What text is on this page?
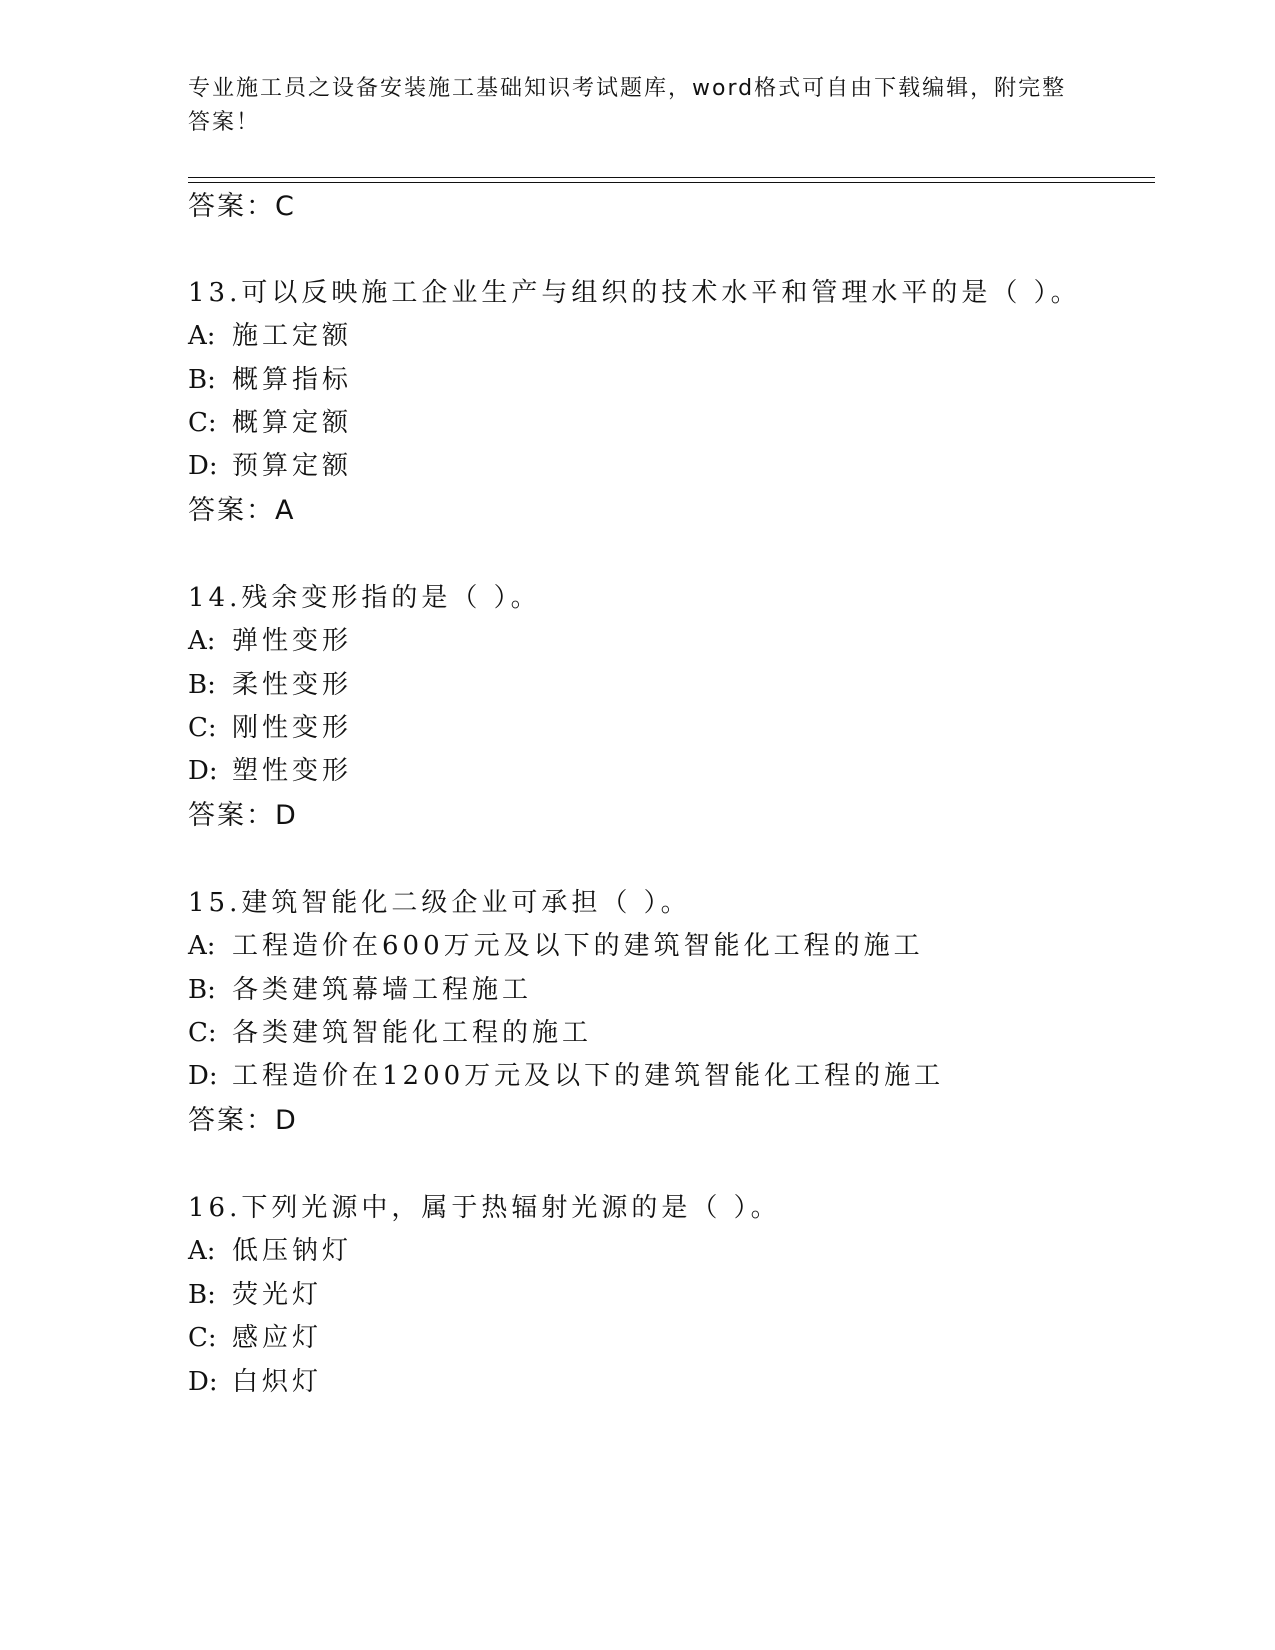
专业施工员之设备安装施工基础知识考试题库，word格式可自由下载编辑，附完整答案！
答案：C
13.可以反映施工企业生产与组织的技术水平和管理水平的是（ ）。
A: 施工定额
B: 概算指标
C: 概算定额
D: 预算定额
答案：A
14.残余变形指的是（ ）。
A: 弹性变形
B: 柔性变形
C: 刚性变形
D: 塑性变形
答案：D
15.建筑智能化二级企业可承担（ ）。
A: 工程造价在600万元及以下的建筑智能化工程的施工
B: 各类建筑幕墙工程施工
C: 各类建筑智能化工程的施工
D: 工程造价在1200万元及以下的建筑智能化工程的施工
答案：D
16.下列光源中，属于热辐射光源的是（ ）。
A: 低压钠灯
B: 荧光灯
C: 感应灯
D: 白炽灯
